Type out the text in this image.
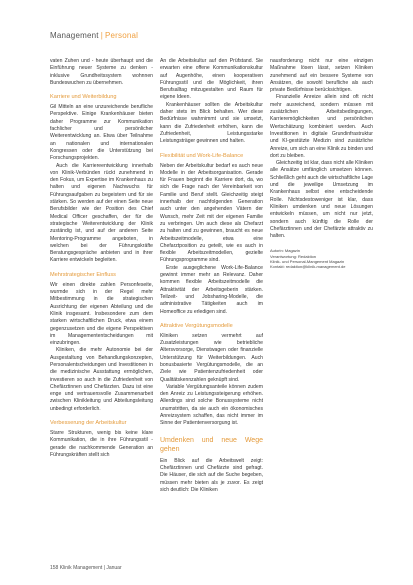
Management | Personal

vaten Zuhen und - heute überhaupt und die Einführung neuer Systeme zu denken - inklusive Grundheitssystem wohnnen Bundeswuchen zu übernehmen.

Karriere und Weiterbildung

Gil Mitteln an eine unzureichende berufliche Perspektive. Einige Krankenhäuser bieten daher Programme zur Kommunikation fachlicher und persönlicher Weiterentwicklung an. Etwa über Teilnahme an nationalen und internationalen Kongressen oder die Unterstützung bei Forschungsprojekten.

Auch die Karriereentwicklung innerhalb von Klinik-Verbünden rückt zunehmend in den Fokus, um Expertise im Krankenhaus zu halten und eigenen Nachwuchs für Führungsaufgaben zu begeistern und für sie stärken. So werden auf der einen Seite neue Berufsbilder wie der Position des Chief Medical Officer geschaffen, der für die strategische Weiterentwicklung der Klinik zuständig ist, und auf der anderen Seite Mentoring-Programme angeboten, in welchen bei der Führungskräfte Beratungsgespräche anbieten und in ihrer Karriere entwickeln begleiten.

Mehrstrategischer Einfluss

Wir einen direkte zahlen Personfeseite, wurmde sich in der Regel mehr Mitbestimmung in die strategischen Ausrichtung der eigenen Abteilung und die Klinik insgesamt. Insbesondere zum dem starken wirtschaftlichen Druck, etwa einem gegenzusetzen und die eigene Perspektiven im Managemententscheidungen mit einzubringen.

Kliniken, die mehr Autonomie bei der Ausgestaltung von Behandlungskonzepten, Personalentscheidungen und Investitionen in die medizinische Ausstattung ermöglichen, investieren so auch in die Zufriedenheit von Chefärztinnen und Chefärzten. Dazu ist eine enge und vertrauensvolle Zusammenarbeit zwischen Klinikleitung und Abteilungsleitung unbedingt erforderlich.

Verbesserung der Arbeitskultur

Starre Strukturen, wenig bis keine klare Kommunikation, die in ihre Führungsstil - gerade die nachkommende Generation an Führungskräften stellt sich

An die Arbeitskultur auf den Prüfstand. Sie erwarten eine offene Kommunikationskultur auf Augenhöhe, einen kooperativen Führungsstil und die Möglichkeit, ihren Berufsalltag mitzugestalten und Raum für eigene Ideen.

Krankenhäuser sollten die Arbeitskultur daher stets im Blick behalten. Wer diese Bedürfnisse wahrnimmt und sie umsetzt, kann die Zufriedenheit erhöhen, kann die Zufriedenheit, Leistungsstarke Leistungsträger gewinnen und halten.

Flexibilität und Work-Life-Balance

Neben der Arbeitskultur bedarf es auch neue Modelle in der Arbeitsorganisation. Gerade für Frauen beginnt die Karriere dort, da, wo sich die Frage nach der Vereinbarkeit von Familie und Beruf stellt. Gleichzeitig steigt innerhalb der nachfolgenden Generation auch unter den angehenden Vätern der Wunsch, mehr Zeit mit der eigenen Familie zu verbringen. Um auch diese als Chefarzt zu halten und zu gewinnen, braucht es neue Arbeitszeitmodelle, etwa eine Chefarztposition zu geteilt, wie es auch in flexible Arbeitszeitmodellen, gezielte Führungsprogramme sind.

Erste ausgeglichene Work-Life-Balance gewinnt immer mehr an Relevanz. Daher kommen flexible Arbeitszeitmodelle die Attraktivität der Arbeitsgeberin stärken. Teilzeit- und Jobsharing-Modelle, die administrative Tätigkeiten auch im Homeoffice zu erledigen sind.

Attraktive Vergütungsmodelle

Kliniken setzen vermehrt auf Zusatzleistungen wie betriebliche Altersvorsorge, Dienstwagen oder finanzielle Unterstützung für Weiterbildungen. Auch bonusbasierte Vergütungsmodelle, die an Ziele wie Patientenzufriedenheit oder Qualitätskennzahlen geknüpft sind.

Variable Vergütungsanteile können zudem den Anreiz zu Leistungssteigerung erhöhen. Allerdings sind solche Bonussysteme nicht unumstritten, da sie auch ein ökonomisches Anreizsystem schaffen, das nicht immer im Sinne der Patientenversorgung ist.

Umdenken und neue Wege gehen

Ein Blick auf die Arbeitswelt zeigt: Chefärztinnen und Chefärzte sind gefragt. Die Häuser, die sich auf die Suche begeben, müssen mehr bieten als je zuvor. Es zeigt sich deutlich: Die Kliniken

nausforderung nicht nur eine einzigen Maßnahme lösen lässt, setzen Kliniken zunehmend auf ein bessere Systeme von Ansätzen, die sowohl berufliche als auch private Bedürfnisse berücksichtigen.

Finanzielle Anreize allein sind oft nicht mehr ausreichend, sondern müssen mit zusätzlichen Arbeitsbedingungen, Karrieremöglichkeiten und persönlichen Wertschätzung kombiniert werden. Auch Investitionen in digitale Grundinfrastruktur und KI-gestützte Medizin sind zusätzliche Anreize, um sich an eine Klinik zu binden und dort zu bleiben.

Gleichzeitig ist klar, dass nicht alle Kliniken alle Ansätze umfänglich umsetzen können. Schließlich geht auch die wirtschaftliche Lage und die jeweilige Umsetzung im Krankenhaus selbst eine entscheidende Rolle. Nichtsdestoweniger ist klar, dass Kliniken umdenken und neue Lösungen entwickeln müssen, um nicht nur jetzt, sondern auch künftig die Rolle der Chefärztinnen und der Chefärzte attraktiv zu halten.

Autorin: Magazin
Verantwortung: Redaktion
Klinik- und Personal-Mangement Magazin
Kontakt: redaktion@klinik-management.de
158 Klinik Management | Januar
